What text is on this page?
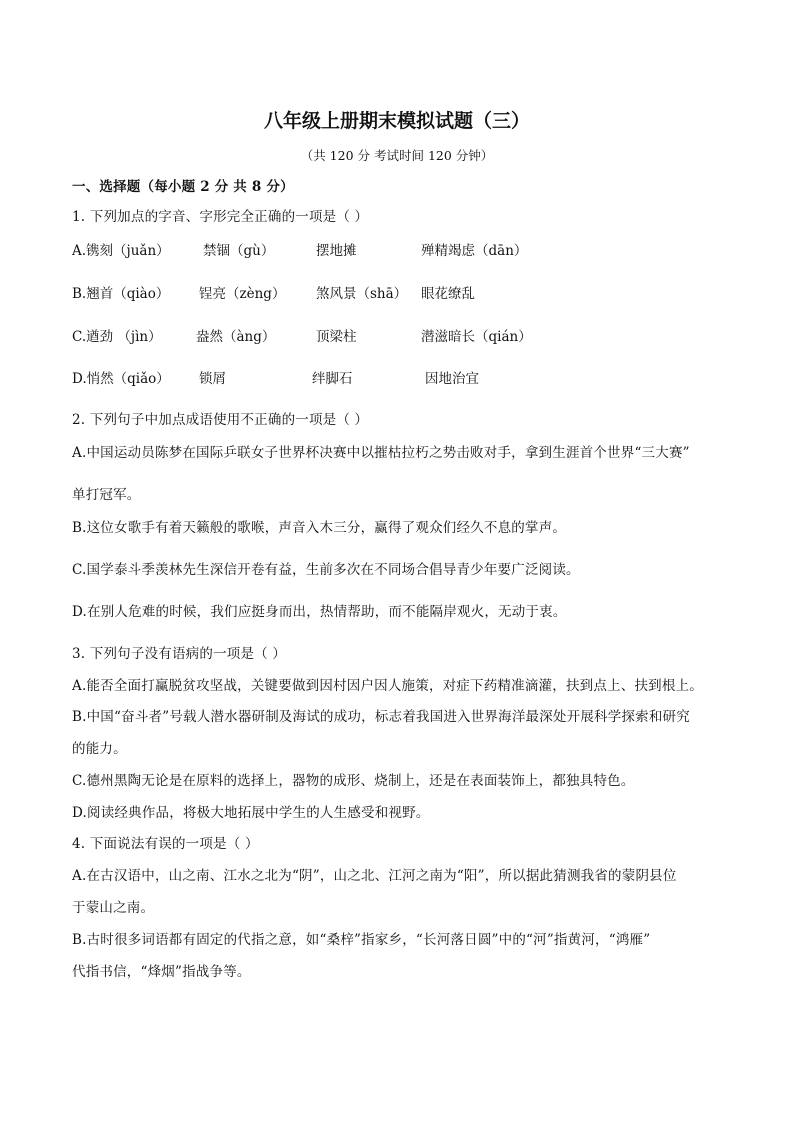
八年级上册期末模拟试题（三）
（共 120 分 考试时间 120 分钟）
一、选择题（每小题 2 分 共 8 分）
1. 下列加点的字音、字形完全正确的一项是（ ）
A.镌刻（juǎn） 禁锢（gù）	摆地摊	殚精竭虑（dān）
B.翘首（qiào） 锃亮（zèng） 煞风景（shā） 眼花缭乱
C.遒劲 （jìn）	盎然（àng）	顶梁柱	潜滋暗长（qián）
D.悄然（qiǎo） 锁屑	绊脚石	因地治宜
2. 下列句子中加点成语使用不正确的一项是（ ）
A.中国运动员陈梦在国际乒联女子世界杯决赛中以摧枯拉朽之势击败对手，拿到生涯首个世界“三大赛”
单打冠军。
B.这位女歌手有着天籁般的歌喉，声音入木三分，赢得了观众们经久不息的掌声。
C.国学泰斗季羡林先生深信开卷有益，生前多次在不同场合倡导青少年要广泛阅读。
D.在别人危难的时候，我们应挺身而出，热情帮助，而不能隔岸观火，无动于衷。
3. 下列句子没有语病的一项是（ ）
A.能否全面打赢脱贫攻坚战，关键要做到因村因户因人施策，对症下药精准滴灌，扶到点上、扶到根上。
B.中国“奋斗者”号载人潜水器研制及海试的成功，标志着我国进入世界海洋最深处开展科学探索和研究
的能力。
C.德州黑陶无论是在原料的选择上，器物的成形、烧制上，还是在表面装饰上，都独具特色。
D.阅读经典作品，将极大地拓展中学生的人生感受和视野。
4. 下面说法有误的一项是（ ）
A.在古汉语中，山之南、江水之北为“阴”，山之北、江河之南为“阳”，所以据此猜测我省的蒙阴县位
于蒙山之南。
B.古时很多词语都有固定的代指之意，如“桑梓”指家乡，“长河落日圆”中的“河”指黄河，“鸿雁”
代指书信，“烽烟”指战争等。
